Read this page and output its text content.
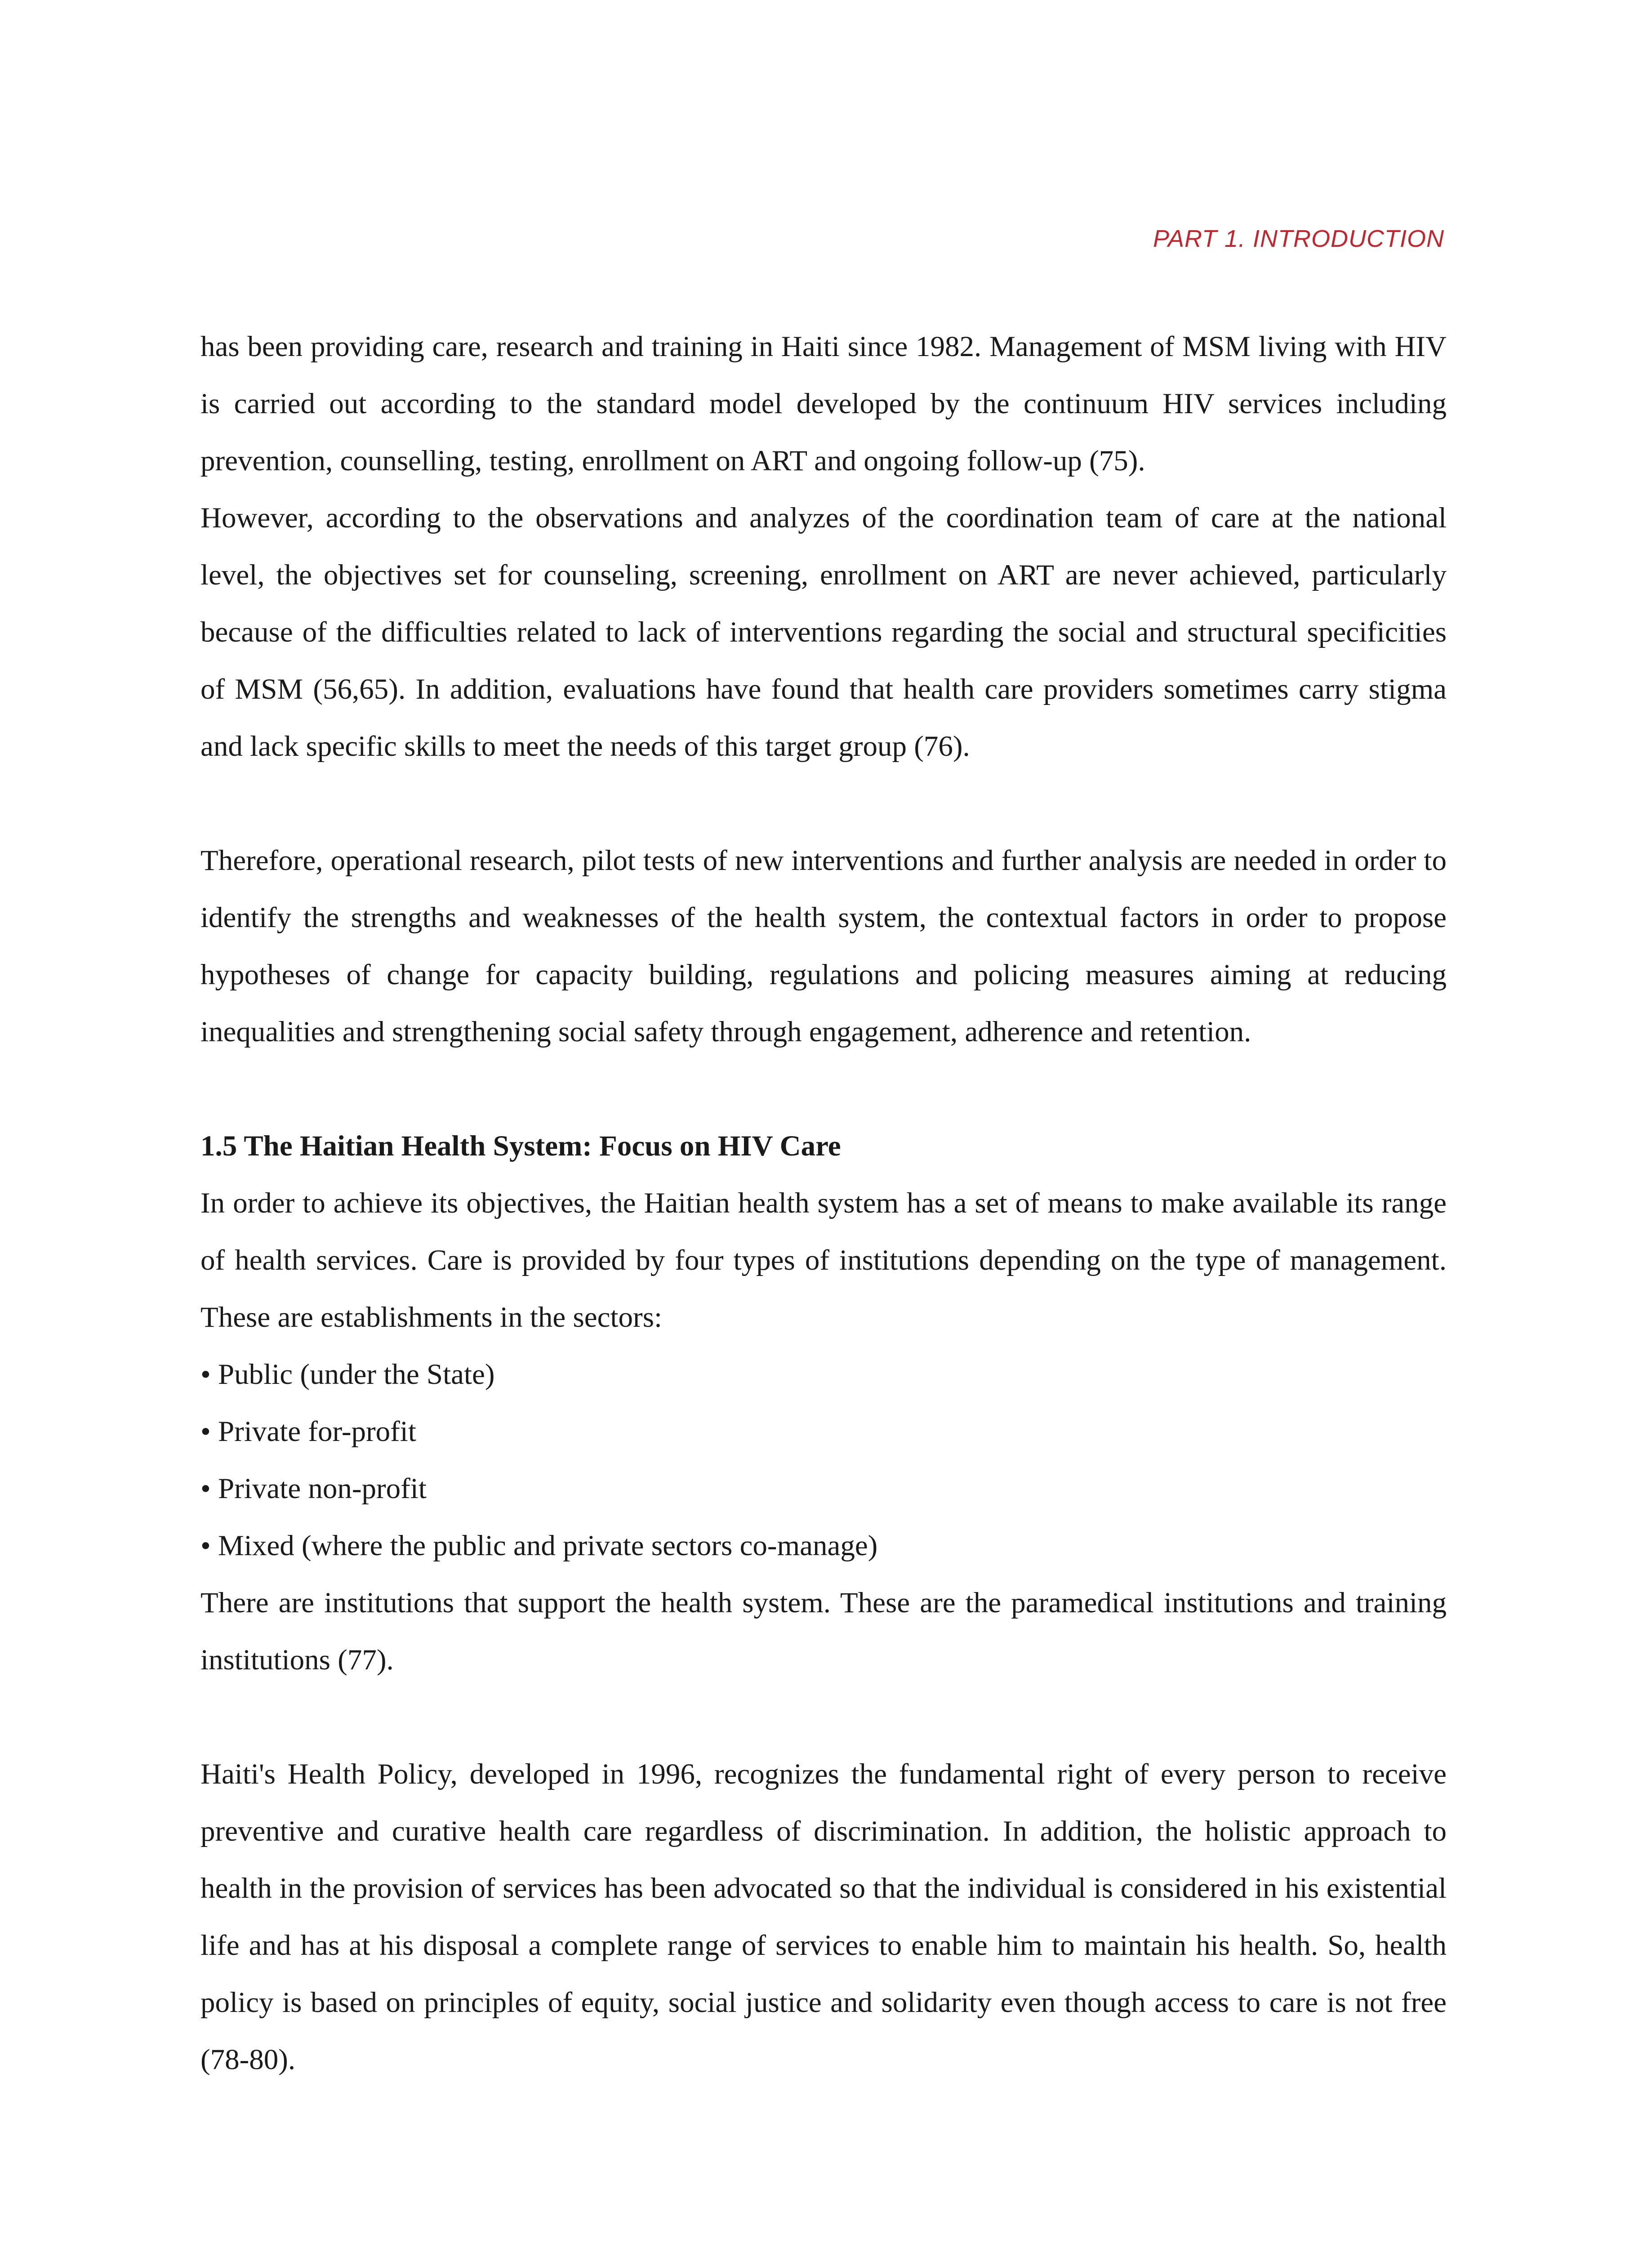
PART 1. INTRODUCTION

has been providing care, research and training in Haiti since 1982. Management of MSM living with HIV is carried out according to the standard model developed by the continuum HIV services including prevention, counselling, testing, enrollment on ART and ongoing follow-up (75).

However, according to the observations and analyzes of the coordination team of care at the national level, the objectives set for counseling, screening, enrollment on ART are never achieved, particularly because of the difficulties related to lack of interventions regarding the social and structural specificities of MSM (56,65). In addition, evaluations have found that health care providers sometimes carry stigma and lack specific skills to meet the needs of this target group (76).

Therefore, operational research, pilot tests of new interventions and further analysis are needed in order to identify the strengths and weaknesses of the health system, the contextual factors in order to propose hypotheses of change for capacity building, regulations and policing measures aiming at reducing inequalities and strengthening social safety through engagement, adherence and retention.

1.5 The Haitian Health System: Focus on HIV Care

In order to achieve its objectives, the Haitian health system has a set of means to make available its range of health services. Care is provided by four types of institutions depending on the type of management. These are establishments in the sectors:

• Public (under the State)
• Private for-profit
• Private non-profit
• Mixed (where the public and private sectors co-manage)

There are institutions that support the health system. These are the paramedical institutions and training institutions (77).

Haiti's Health Policy, developed in 1996, recognizes the fundamental right of every person to receive preventive and curative health care regardless of discrimination. In addition, the holistic approach to health in the provision of services has been advocated so that the individual is considered in his existential life and has at his disposal a complete range of services to enable him to maintain his health. So, health policy is based on principles of equity, social justice and solidarity even though access to care is not free (78-80).
